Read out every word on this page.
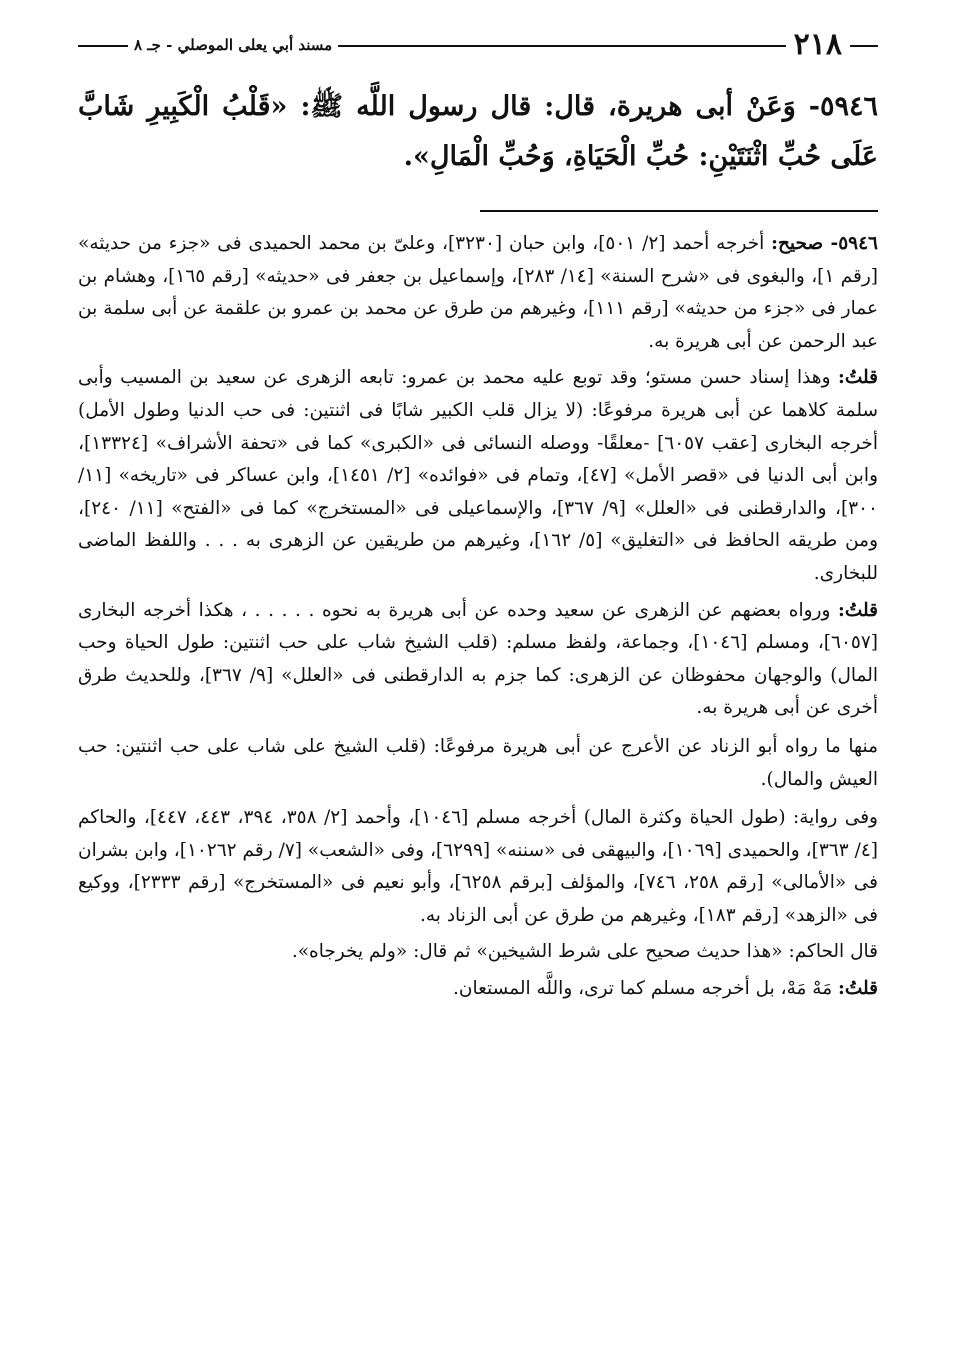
٢١٨
مسند أبي يعلى الموصلي - جـ ٨
٥٩٤٦- وَعَنْ أبى هريرة، قال: قال رسول اللَّه ﷺ: «قَلْبُ الْكَبِيرِ شَابَّ عَلَى حُبِّ اثْنَتَيْنِ: حُبِّ الْحَيَاةِ، وَحُبِّ الْمَالِ».

٥٩٤٦- صحيح: أخرجه أحمد [٢/ ٥٠١]، وابن حبان [٣٢٣٠]، وعلىّ بن محمد الحميدى فى «جزء من حديثه» [رقم ١]، والبغوى فى «شرح السنة» [١٤/ ٢٨٣]، وإسماعيل بن جعفر فى «حديثه» [رقم ١٦٥]، وهشام بن عمار فى «جزء من حديثه» [رقم ١١١]، وغيرهم من طرق عن محمد بن عمرو بن علقمة عن أبى سلمة بن عبد الرحمن عن أبى هريرة به.

قلتُ: وهذا إسناد حسن مستو؛ وقد توبع عليه محمد بن عمرو: تابعه الزهرى عن سعيد بن المسيب وأبى سلمة كلاهما عن أبى هريرة مرفوعًا: (لا يزال قلب الكبير شابًا فى اثنتين: فى حب الدنيا وطول الأمل) أخرجه البخارى [عقب ٦٠٥٧] -معلقًا- ووصله النسائى فى «الكبرى» كما فى «تحفة الأشراف» [١٣٣٢٤]، وابن أبى الدنيا فى «قصر الأمل» [٤٧]، وتمام فى «فوائده» [٢/ ١٤٥١]، وابن عساكر فى «تاريخه» [١١/ ٣٠٠]، والدارقطنى فى «العلل» [٩/ ٣٦٧]، والإسماعيلى فى «المستخرج» كما فى «الفتح» [١١/ ٢٤٠]، ومن طريقه الحافظ فى «التغليق» [٥/ ١٦٢]، وغيرهم من طريقين عن الزهرى به . . . واللفظ الماضى للبخارى.

قلتُ: ورواه بعضهم عن الزهرى عن سعيد وحده عن أبى هريرة به نحوه . . . . . ، هكذا أخرجه البخارى [٦٠٥٧]، ومسلم [١٠٤٦]، وجماعة، ولفظ مسلم: (قلب الشيخ شاب على حب اثنتين: طول الحياة وحب المال) والوجهان محفوظان عن الزهرى: كما جزم به الدارقطنى فى «العلل» [٩/ ٣٦٧]، وللحديث طرق أخرى عن أبى هريرة به.

منها ما رواه أبو الزناد عن الأعرج عن أبى هريرة مرفوعًا: (قلب الشيخ على شاب على حب اثنتين: حب العيش والمال).

وفى رواية: (طول الحياة وكثرة المال) أخرجه مسلم [١٠٤٦]، وأحمد [٢/ ٣٥٨، ٣٩٤، ٤٤٣، ٤٤٧]، والحاكم [٤/ ٣٦٣]، والحميدى [١٠٦٩]، والبيهقى فى «سننه» [٦٢٩٩]، وفى «الشعب» [٧/ رقم ١٠٢٦٢]، وابن بشران فى «الأمالى» [رقم ٢٥٨، ٧٤٦]، والمؤلف [برقم ٦٢٥٨]، وأبو نعيم فى «المستخرج» [رقم ٢٣٣٣]، ووكيع فى «الزهد» [رقم ١٨٣]، وغيرهم من طرق عن أبى الزناد به.

قال الحاكم: «هذا حديث صحيح على شرط الشيخين» ثم قال: «ولم يخرجاه».

قلتُ: مَهْ مَهْ، بل أخرجه مسلم كما ترى، واللَّه المستعان.
